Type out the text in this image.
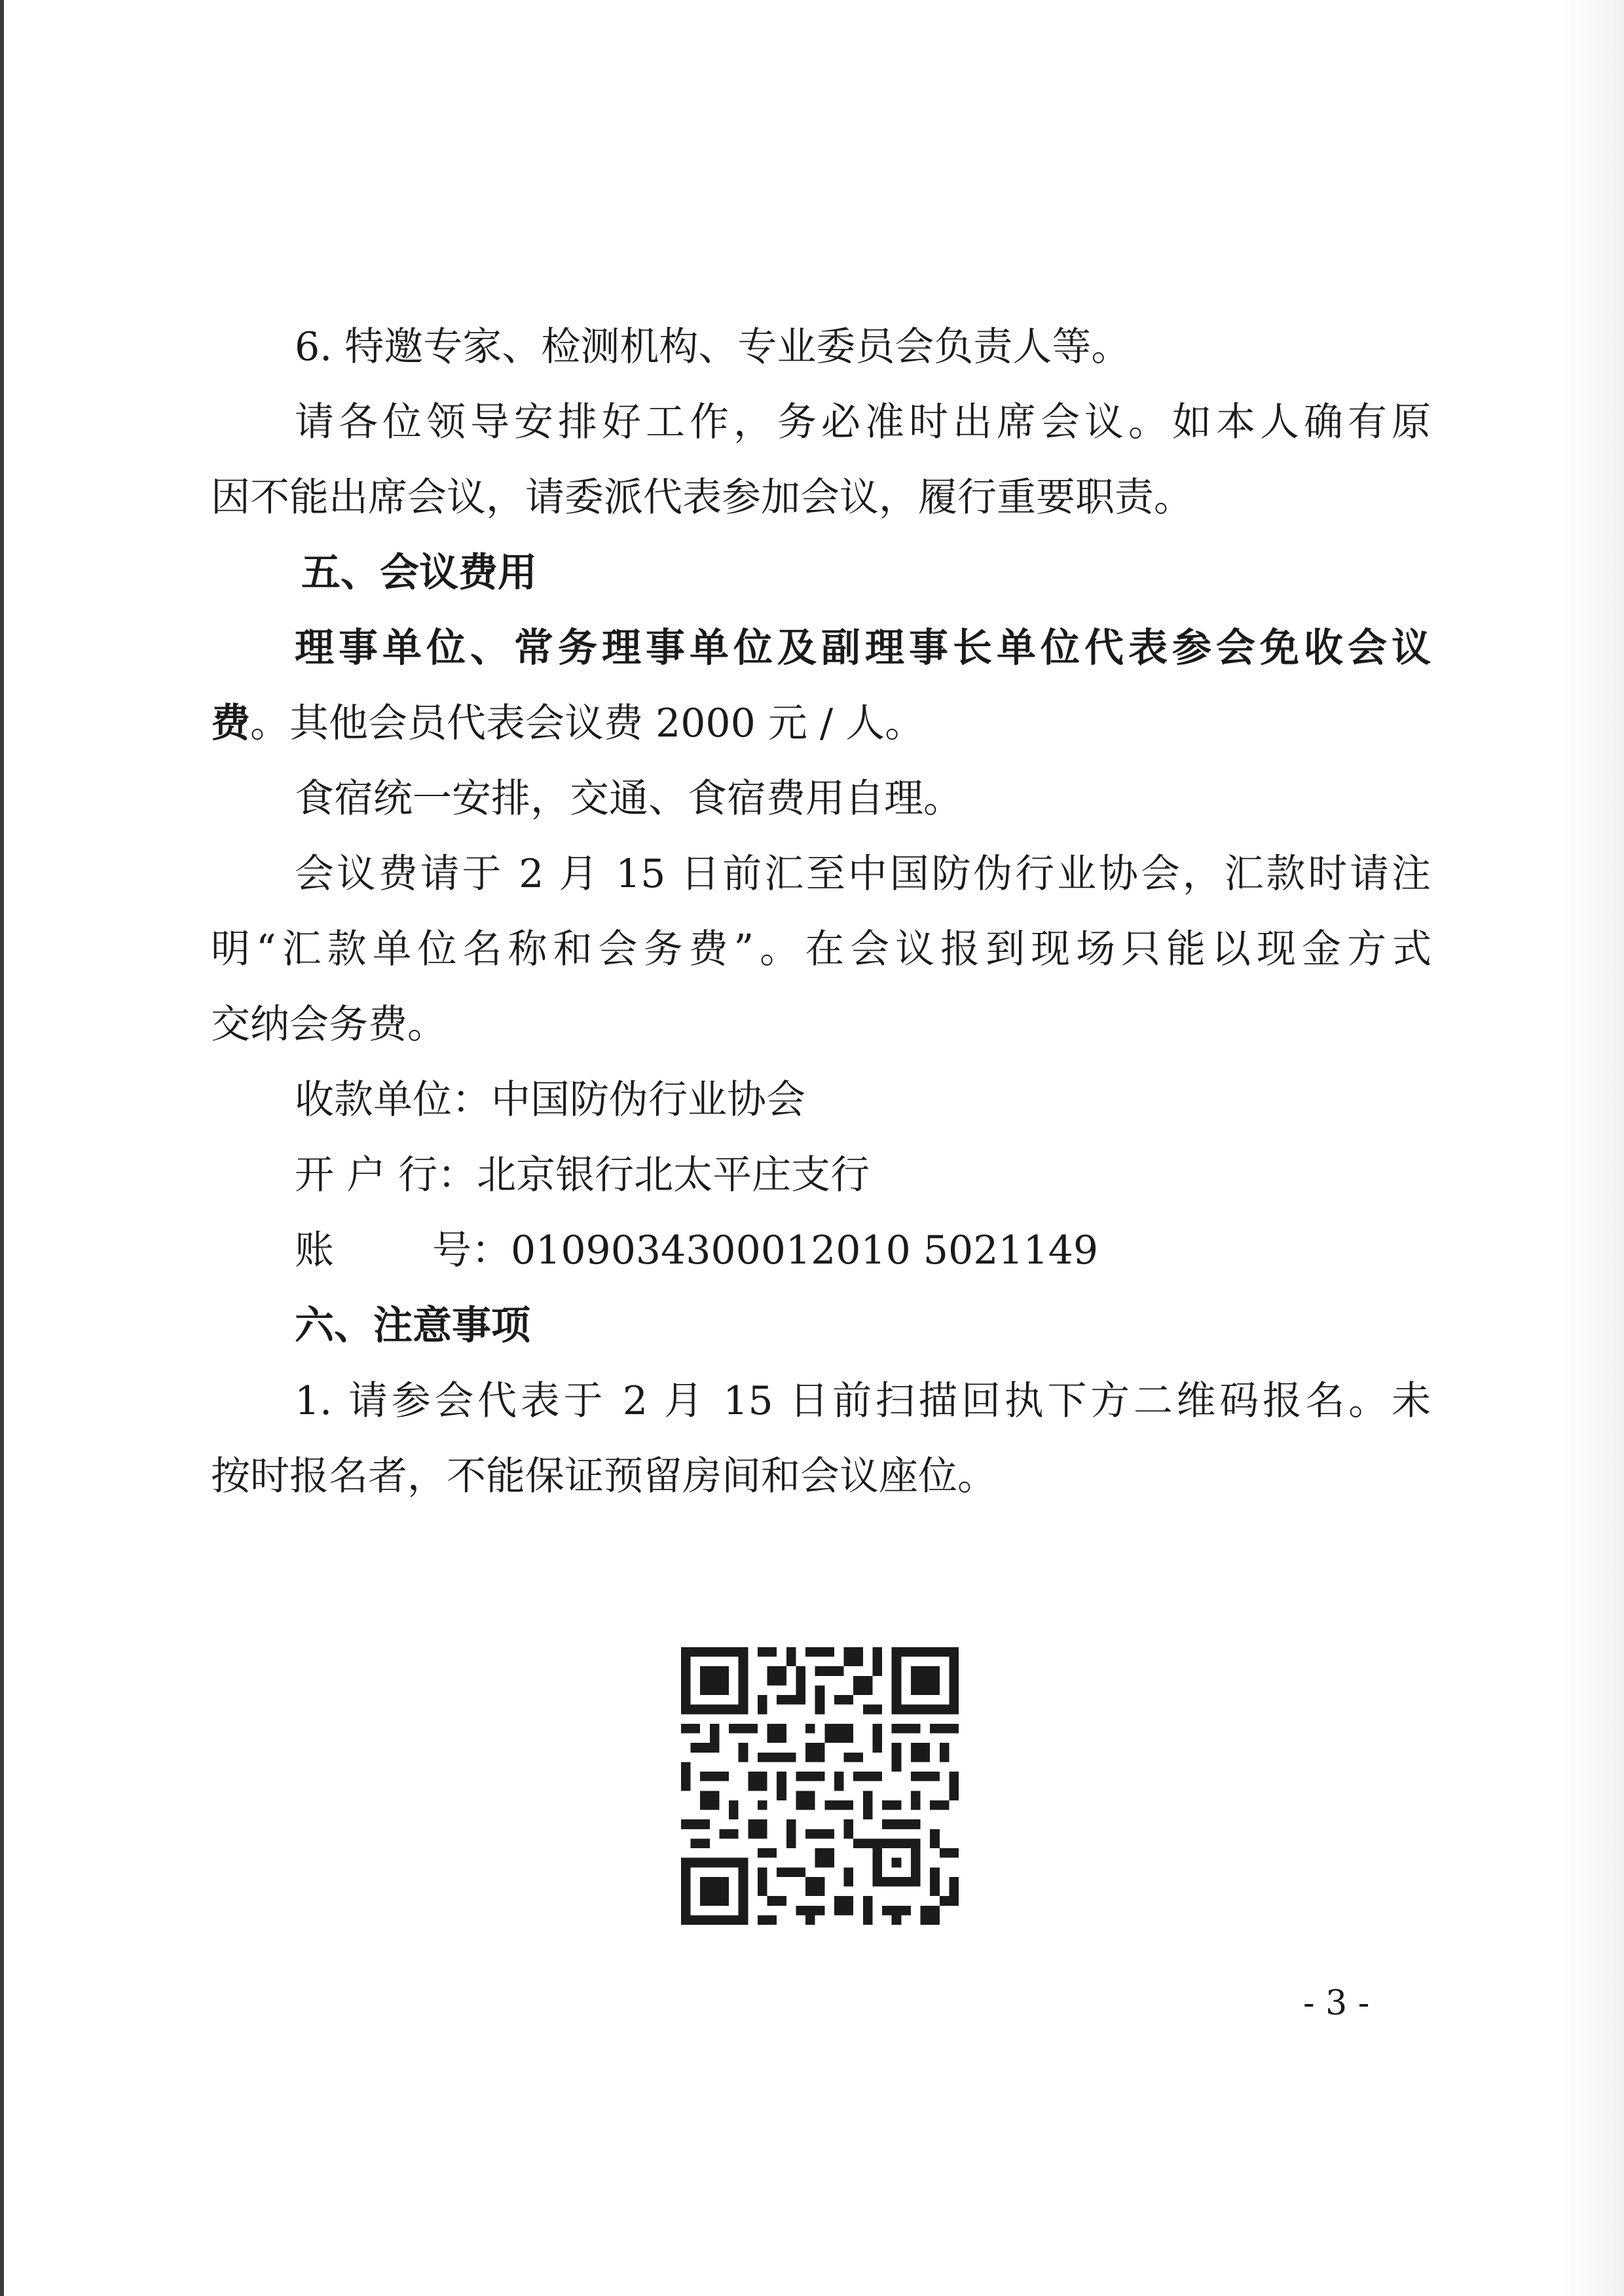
6. 特邀专家、检测机构、专业委员会负责人等。
请各位领导安排好工作，务必准时出席会议。如本人确有原
因不能出席会议，请委派代表参加会议，履行重要职责。
五、会议费用
理事单位、常务理事单位及副理事长单位代表参会免收会议
费。其他会员代表会议费 2000 元 / 人。
食宿统一安排，交通、食宿费用自理。
会议费请于 2 月 15 日前汇至中国防伪行业协会，汇款时请注
明“汇款单位名称和会务费”。在会议报到现场只能以现金方式
交纳会务费。
收款单位：中国防伪行业协会
开 户 行：北京银行北太平庄支行
账	号：0109034300012010 5021149
六、注意事项
1. 请参会代表于 2 月 15 日前扫描回执下方二维码报名。未
按时报名者，不能保证预留房间和会议座位。
- 3 -
